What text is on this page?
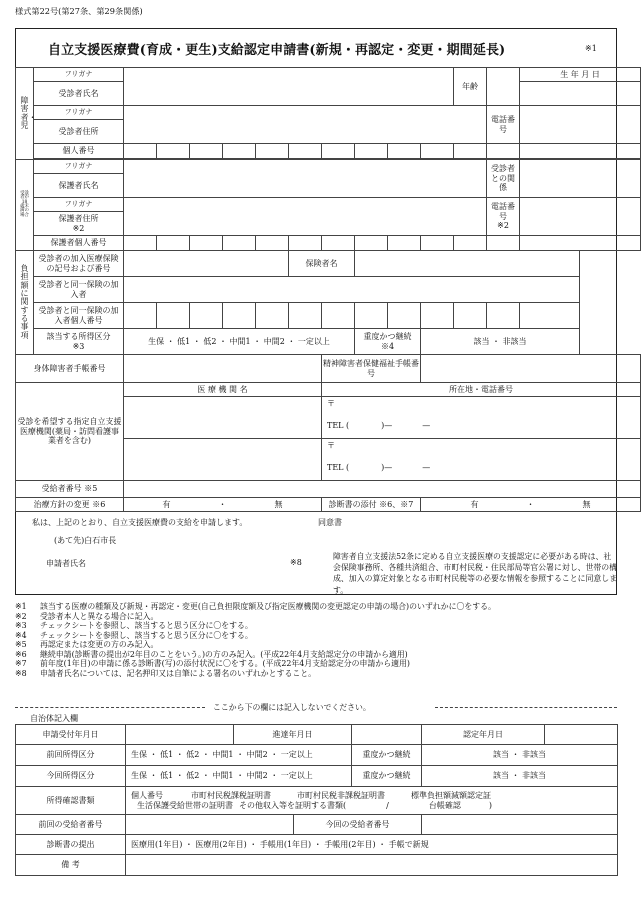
様式第22号(第27条、第29条関係)
自立支援医療費(育成・更生)支給認定申請書(新規・再認定・変更・期間延長)	※1
障害者・児	フリガナ											年齢		生 年 月 日
	受診者氏名													
	フリガナ												電話番号	
	受診者住所													
	個人番号													

受診者が18歳未満の場合	フリガナ												受診者との関係	
	保護者氏名													
	フリガナ												電話番号
※2	
	保護者住所
※2													
	保護者個人番号													
負担額に関する事項	受診者の加入医療保険の記号および番号						保険者名							
	受診者と同一保険の加入者													
	受診者と同一保険の加入者個人番号													
	該当する所得区分
※3	生保 ・ 低1 ・ 低2 ・ 中間1 ・ 中間2 ・ 一定以上							重度かつ継続 ※4		該当 ・ 非該当			
身体障害者手帳番号								精神障害者保健福祉手帳番号						
受診を希望する指定自立支援医療機関(薬局・訪問看護事業者を含む)		医 療 機 関 名						所在地・電話番号						

								〒
TEL ( )— —						

								〒
TEL ( )— —						

受給者番号 ※5														
治療方針の変更 ※6		有 ・ 無						診断書の添付 ※6、※7			有 ・ 無			
私は、上記のとおり、自立支援医療費の支給を申請します。	同意書
(あて先)白石市長
申請者氏名	※8
障害者自立支援法52条に定める自立支援医療の支援認定に必要がある時は、社会保険事務所、各種共済組合、市町村民税・住民部局等官公署に対し、世帯の構成、加入の算定対象となる市町村民税等の必要な情報を参照することに同意します。
※1	該当する医療の種類及び新規・再認定・変更(自己負担限度額及び指定医療機関の変更認定の申請の場合)のいずれかに〇をする。
※2	受診者本人と異なる場合に記入。
※3	チェックシートを参照し、該当すると思う区分に〇をする。
※4	チェックシートを参照し、該当すると思う区分に〇をする。
※5	再認定または変更の方のみ記入。
※6	継続申請(診断書の提出が2年目のことをいう。)の方のみ記入。(平成22年4月支給認定分の申請から適用)
※7	前年度(1年目)の申請に係る診断書(写)の添付状況に〇をする。(平成22年4月支給認定分の申請から適用)
※8	申請者氏名については、記名押印又は自筆による署名のいずれかとすること。
ここから下の欄には記入しないでください。
自治体記入欄
申請受付年月日		進達年月日			認定年月日	
前回所得区分	生保 ・ 低1 ・ 低2 ・ 中間1 ・ 中間2 ・ 一定以上			重度かつ継続	該当 ・ 非該当	
今回所得区分	生保 ・ 低1 ・ 低2 ・ 中間1 ・ 中間2 ・ 一定以上			重度かつ継続	該当 ・ 非該当	
所得確認書類	個人番号 市町村民税課税証明書 市町村民税非課税証明書 標準負担額減額認定証
生活保護受給世帯の証明書 その他収入等を証明する書類( / 台帳確認 )					

前回の受給者番号			今回の受給者番号			
診断書の提出	医療用(1年目) ・ 医療用(2年目) ・ 手帳用(1年目) ・ 手帳用(2年目) ・ 手帳で新規					
備 考						
